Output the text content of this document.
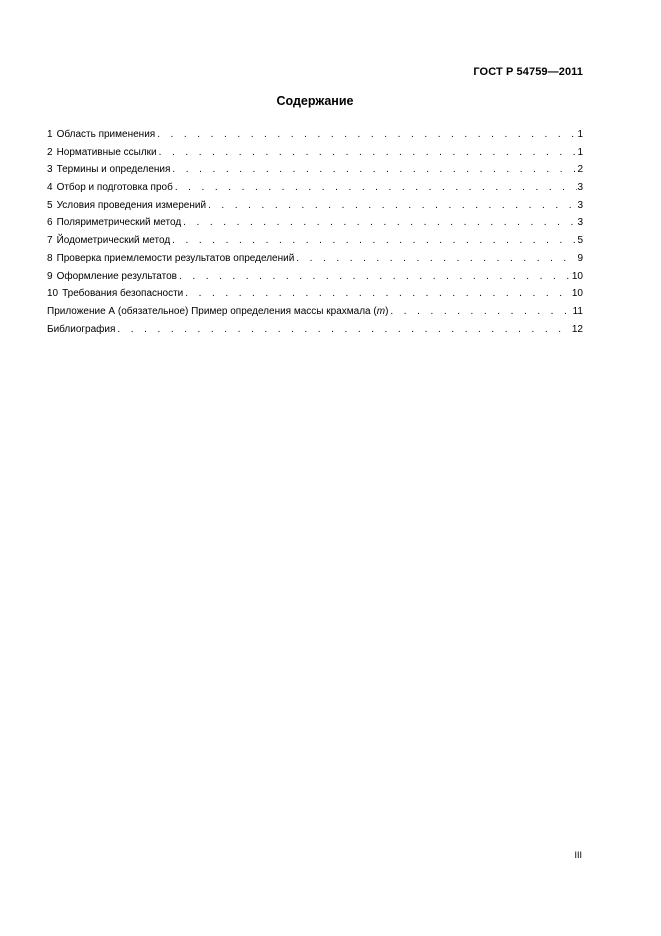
ГОСТ Р 54759—2011
Содержание
1 Область применения . . .	1
2 Нормативные ссылки . . .	1
3 Термины и определения . . .	2
4 Отбор и подготовка проб . . .	3
5 Условия проведения измерений . . .	3
6 Поляриметрический метод . . .	3
7 Йодометрический метод . . .	5
8 Проверка приемлемости результатов определений . . .	9
9 Оформление результатов . . .	10
10 Требования безопасности . . .	10
Приложение А (обязательное) Пример определения массы крахмала (m) . . .	11
Библиография . . .	12
III
